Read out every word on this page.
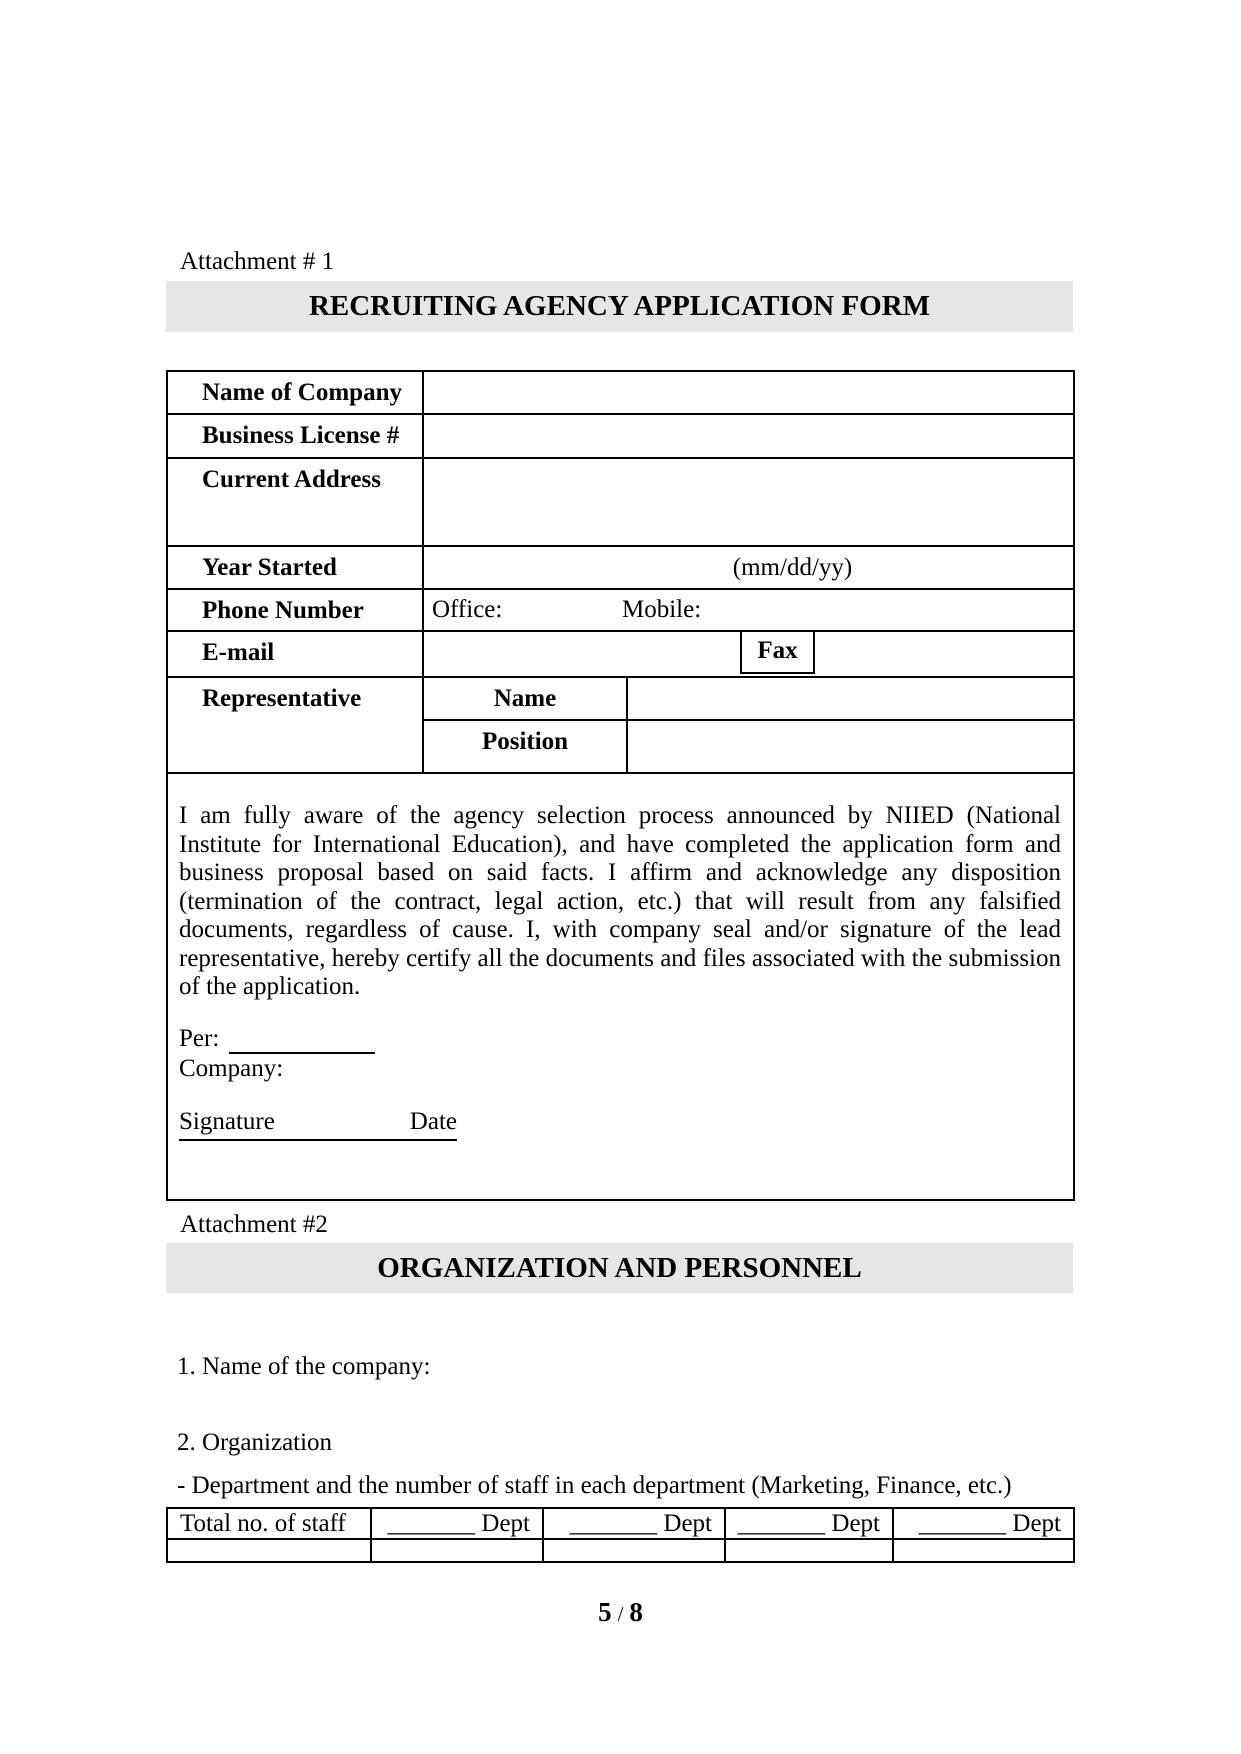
Attachment # 1
RECRUITING AGENCY APPLICATION FORM
Name of Company		
Business License #		
Current Address		
Year Started	(mm/dd/yy)	
Phone Number	Office: Mobile:	
E-mail	Fax	

Representative	Name	
	Position	

I am fully aware of the agency selection process announced by NIIED (National
Institute for International Education), and have completed the application form and
business proposal based on said facts. I affirm and acknowledge any disposition
(termination of the contract, legal action, etc.) that will result from any falsified
documents, regardless of cause. I, with company seal and/or signature of the lead
representative, hereby certify all the documents and files associated with the submission
of the application.
Per:
Company:
Signature	Date
Attachment #2
ORGANIZATION AND PERSONNEL
1. Name of the company:
2. Organization
- Department and the number of staff in each department (Marketing, Finance, etc.)
Total no. of staff	_______ Dept	_______ Dept	_______ Dept	_______ Dept

5 / 8
